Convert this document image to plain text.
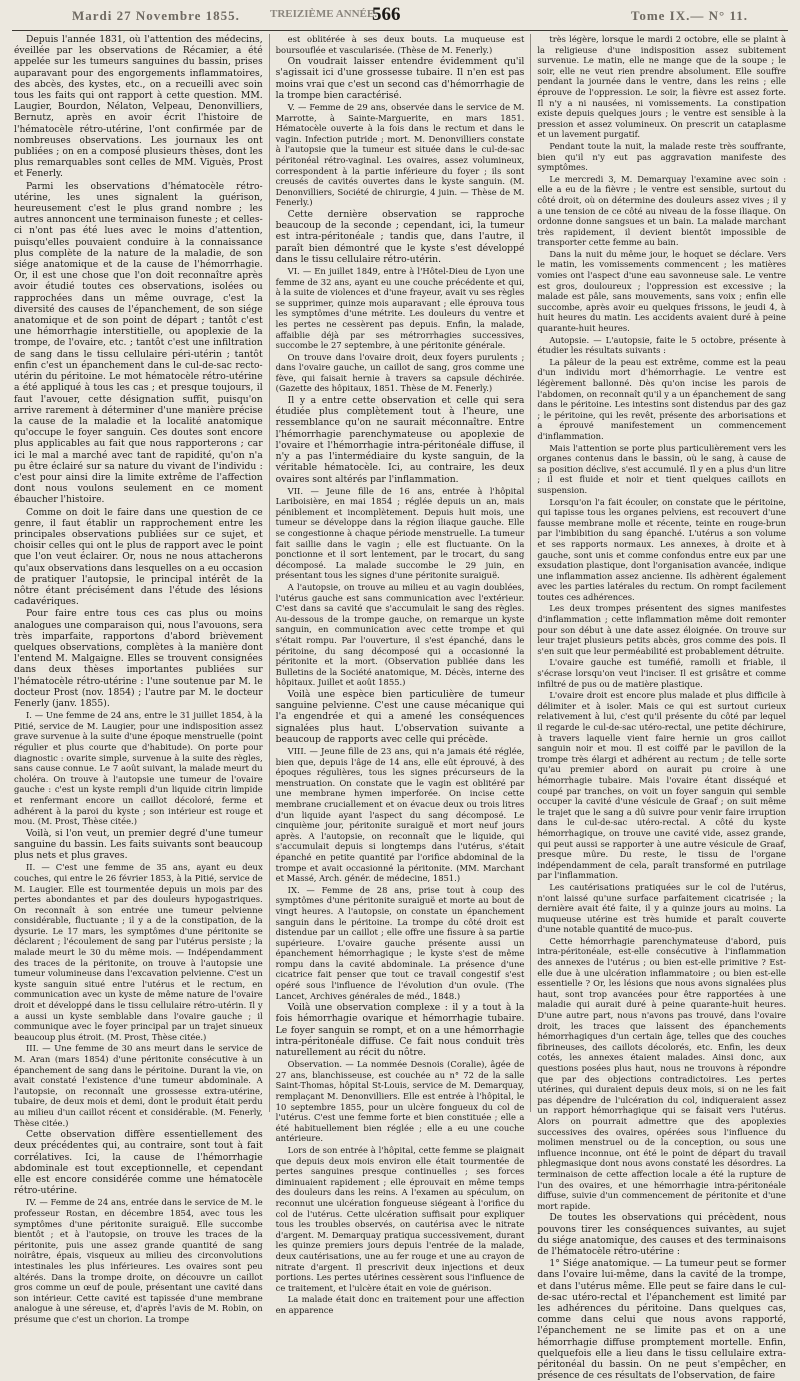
Mardi 27 Novembre 1855.	TREIZIÈME ANNÉE.
566	Tome IX.— N° 11.

Depuis l'année 1831, où l'attention des médecins, éveillée par les observations de Récamier, a été appelée sur les tumeurs sanguines du bassin, prises auparavant pour des engorgements inflammatoires, des abcès, des kystes, etc., on a recueilli avec soin tous les faits qui ont rapport à cette question. MM. Laugier, Bourdon, Nélaton, Velpeau, Denonvilliers, Bernutz, après en avoir écrit l'histoire de l'hématocèle rétro-utérine, l'ont confirmée par de nombreuses observations. Les journaux les ont publiées ; on en a composé plusieurs thèses, dont les plus remarquables sont celles de MM. Viguès, Prost et Fenerly.

Parmi les observations d'hématocèle rétro-utérine, les unes signalent la guérison, heureusement c'est le plus grand nombre ; les autres annoncent une terminaison funeste ; et celles-ci n'ont pas été lues avec le moins d'attention, puisqu'elles pouvaient conduire à la connaissance plus complète de la nature de la maladie, de son siége anatomique et de la cause de l'hémorrhagie. Or, il est une chose que l'on doit reconnaître après avoir étudié toutes ces observations, isolées ou rapprochées dans un même ouvrage, c'est la diversité des causes de l'épanchement, de son siége anatomique et de son point de départ ; tantôt c'est une hémorrhagie interstitielle, ou apoplexie de la trompe, de l'ovaire, etc. ; tantôt c'est une infiltration de sang dans le tissu cellulaire péri-utérin ; tantôt enfin c'est un épanchement dans le cul-de-sac recto-utérin du péritoine. Le mot hématocèle rétro-utérine a été appliqué à tous les cas ; et presque toujours, il faut l'avouer, cette désignation suffit, puisqu'on arrive rarement à déterminer d'une manière précise la cause de la maladie et la localité anatomique qu'occupe le foyer sanguin. Ces doutes sont encore plus applicables au fait que nous rapporterons ; car ici le mal a marché avec tant de rapidité, qu'on n'a pu être éclairé sur sa nature du vivant de l'individu : c'est pour ainsi dire la limite extrême de l'affection dont nous voulons seulement en ce moment ébaucher l'histoire.

Comme on doit le faire dans une question de ce genre, il faut établir un rapprochement entre les principales observations publiées sur ce sujet, et choisir celles qui ont le plus de rapport avec le point que l'on veut éclairer. Or, nous ne nous attacherons qu'aux observations dans lesquelles on a eu occasion de pratiquer l'autopsie, le principal intérêt de la nôtre étant précisément dans l'étude des lésions cadavériques.

Pour faire entre tous ces cas plus ou moins analogues une comparaison qui, nous l'avouons, sera très imparfaite, rapportons d'abord brièvement quelques observations, complètes à la manière dont l'entend M. Malgaigne. Elles se trouvent consignées dans deux thèses importantes publiées sur l'hématocèle rétro-utérine : l'une soutenue par M. le docteur Prost (nov. 1854) ; l'autre par M. le docteur Fenerly (janv. 1855).

I. — Une femme de 24 ans, entre le 31 juillet 1854, à la Pitié, service de M. Laugier, pour une indisposition assez grave survenue à la suite d'une époque menstruelle (point régulier et plus courte que d'habitude). On porte pour diagnostic : ovarite simple, survenue à la suite des règles, sans cause connue. Le 7 août suivant, la malade meurt du choléra. On trouve à l'autopsie une tumeur de l'ovaire gauche : c'est un kyste rempli d'un liquide citrin limpide et renfermant encore un caillot décoloré, ferme et adhérent à la paroi du kyste ; son intérieur est rouge et mou. (M. Prost, Thèse citée.)

Voilà, si l'on veut, un premier degré d'une tumeur sanguine du bassin. Les faits suivants sont beaucoup plus nets et plus graves.

II. — C'est une femme de 35 ans, ayant eu deux couches, qui entre le 26 février 1853, à la Pitié, service de M. Laugier. Elle est tourmentée depuis un mois par des pertes abondantes et par des douleurs hypogastriques. On reconnaît à son entrée une tumeur pelvienne considérable, fluctuante ; il y a de la constipation, de la dysurie. Le 17 mars, les symptômes d'une péritonite se déclarent ; l'écoulement de sang par l'utérus persiste ; la malade meurt le 30 du même mois. — Indépendamment des traces de la péritonite, on trouve à l'autopsie une tumeur volumineuse dans l'excavation pelvienne. C'est un kyste sanguin situé entre l'utérus et le rectum, en communication avec un kyste de même nature de l'ovaire droit et développé dans le tissu cellulaire rétro-utérin. Il y a aussi un kyste semblable dans l'ovaire gauche ; il communique avec le foyer principal par un trajet sinueux beaucoup plus étroit. (M. Prost, Thèse citée.)

III. — Une femme de 30 ans meurt dans le service de M. Aran (mars 1854) d'une péritonite consécutive à un épanchement de sang dans le péritoine. Durant la vie, on avait constaté l'existence d'une tumeur abdominale. A l'autopsie, on reconnaît une grossesse extra-utérine, tubaire, de deux mois et demi, dont le produit était perdu au milieu d'un caillot récent et considérable. (M. Fenerly, Thèse citée.)

Cette observation diffère essentiellement des deux précédentes qui, au contraire, sont tout à fait corrélatives. Ici, la cause de l'hémorrhagie abdominale est tout exceptionnelle, et cependant elle est encore considérée comme une hématocèle rétro-utérine.

IV. — Femme de 24 ans, entrée dans le service de M. le professeur Rostan, en décembre 1854, avec tous les symptômes d'une péritonite suraiguë. Elle succombe bientôt ; et à l'autopsie, on trouve les traces de la péritonite, puis une assez grande quantité de sang noirâtre, épais, visqueux au milieu des circonvolutions intestinales les plus inférieures. Les ovaires sont peu altérés. Dans la trompe droite, on découvre un caillot gros comme un œuf de poule, présentant une cavité dans son intérieur. Cette cavité est tapissée d'une membrane analogue à une séreuse, et, d'après l'avis de M. Robin, on présume que c'est un chorion. La trompe

est oblitérée à ses deux bouts. La muqueuse est boursouflée et vascularisée. (Thèse de M. Fenerly.)

On voudrait laisser entendre évidemment qu'il s'agissait ici d'une grossesse tubaire. Il n'en est pas moins vrai que c'est un second cas d'hémorrhagie de la trompe bien caractérisé.

V. — Femme de 29 ans, observée dans le service de M. Marrotte, à Sainte-Marguerite, en mars 1851. Hématocèle ouverte à la fois dans le rectum et dans le vagin. Infection putride ; mort. M. Denonvilliers constate à l'autopsie que la tumeur est située dans le cul-de-sac péritonéal rétro-vaginal. Les ovaires, assez volumineux, correspondent à la partie inférieure du foyer ; ils sont creusés de cavités ouvertes dans le kyste sanguin. (M. Denonvilliers, Société de chirurgie, 4 juin. — Thèse de M. Fenerly.)

Cette dernière observation se rapproche beaucoup de la seconde ; cependant, ici, la tumeur est intra-péritonéale ; tandis que, dans l'autre, il paraît bien démontré que le kyste s'est développé dans le tissu cellulaire rétro-utérin.

VI. — En juillet 1849, entre à l'Hôtel-Dieu de Lyon une femme de 32 ans, ayant eu une couche précédente et qui, à la suite de violences et d'une frayeur, avait vu ses règles se supprimer, quinze mois auparavant ; elle éprouva tous les symptômes d'une métrite. Les douleurs du ventre et les pertes ne cessèrent pas depuis. Enfin, la malade, affaiblie déjà par ses métrorrhagies successives, succombe le 27 septembre, à une péritonite générale.

On trouve dans l'ovaire droit, deux foyers purulents ; dans l'ovaire gauche, un caillot de sang, gros comme une fève, qui faisait hernie à travers sa capsule déchirée. (Gazette des hôpitaux, 1851. Thèse de M. Fenerly.)

Il y a entre cette observation et celle qui sera étudiée plus complètement tout à l'heure, une ressemblance qu'on ne saurait méconnaître. Entre l'hémorrhagie parenchymateuse ou apoplexie de l'ovaire et l'hémorrhagie intra-péritonéale diffuse, il n'y a pas l'intermédiaire du kyste sanguin, de la véritable hématocèle. Ici, au contraire, les deux ovaires sont altérés par l'inflammation.

VII. — Jeune fille de 16 ans, entrée à l'hôpital Lariboisière, en mai 1854 ; réglée depuis un an, mais péniblement et incomplètement. Depuis huit mois, une tumeur se développe dans la région iliaque gauche. Elle se congestionne à chaque période menstruelle. La tumeur fait saillie dans le vagin ; elle est fluctuante. On la ponctionne et il sort lentement, par le trocart, du sang décomposé. La malade succombe le 29 juin, en présentant tous les signes d'une péritonite suraiguë.

A l'autopsie, on trouve au milieu et au vagin doublées, l'utérus gauche est sans communication avec l'extérieur. C'est dans sa cavité que s'accumulait le sang des règles. Au-dessous de la trompe gauche, on remarque un kyste sanguin, en communication avec cette trompe et qui s'était rompu. Par l'ouverture, il s'est épanché, dans le péritoine, du sang décomposé qui a occasionné la péritonite et la mort. (Observation publiée dans les Bulletins de la Société anatomique, M. Décès, interne des hôpitaux. Juillet et août 1855.)

Voilà une espèce bien particulière de tumeur sanguine pelvienne. C'est une cause mécanique qui l'a engendrée et qui a amené les conséquences signalées plus haut. L'observation suivante a beaucoup de rapports avec celle qui précède.

VIII. — Jeune fille de 23 ans, qui n'a jamais été réglée, bien que, depuis l'âge de 14 ans, elle eût éprouvé, à des époques régulières, tous les signes précurseurs de la menstruation. On constate que le vagin est oblitéré par une membrane hymen imperforée. On incise cette membrane cruciallement et on évacue deux ou trois litres d'un liquide ayant l'aspect du sang décomposé. Le cinquième jour, péritonite suraiguë et mort neuf jours après. A l'autopsie, on reconnaît que le liquide, qui s'accumulait depuis si longtemps dans l'utérus, s'était épanché en petite quantité par l'orifice abdominal de la trompe et avait occasionné la péritonite. (MM. Marchant et Massé, Arch. génér. de médecine, 1851.)

IX. — Femme de 28 ans, prise tout à coup des symptômes d'une péritonite suraiguë et morte au bout de vingt heures. A l'autopsie, on constate un épanchement sanguin dans le péritoine. La trompe du côté droit est distendue par un caillot ; elle offre une fissure à sa partie supérieure. L'ovaire gauche présente aussi un épanchement hémorrhagique ; le kyste s'est de même rompu dans la cavité abdominale. La présence d'une cicatrice fait penser que tout ce travail congestif s'est opéré sous l'influence de l'évolution d'un ovule. (The Lancet, Archives générales de méd., 1848.)

Voilà une observation complexe : il y a tout à la fois hémorrhagie ovarique et hémorrhagie tubaire. Le foyer sanguin se rompt, et on a une hémorrhagie intra-péritonéale diffuse. Ce fait nous conduit très naturellement au récit du nôtre.

Observation. — La nommée Desnois (Coralie), âgée de 27 ans, blanchisseuse, est couchée au n° 72 de la salle Saint-Thomas, hôpital St-Louis, service de M. Demarquay, remplaçant M. Denonvilliers. Elle est entrée à l'hôpital, le 10 septembre 1855, pour un ulcère fongueux du col de l'utérus. C'est une femme forte et bien constituée ; elle a été habituellement bien réglée ; elle a eu une couche antérieure.

Lors de son entrée à l'hôpital, cette femme se plaignait que depuis deux mois environ elle était tourmentée de pertes sanguines presque continuelles ; ses forces diminuaient rapidement ; elle éprouvait en même temps des douleurs dans les reins. A l'examen au spéculum, on reconnut une ulcération fongueuse siégeant à l'orifice du col de l'utérus. Cette ulcération suffisait pour expliquer tous les troubles observés, on cautérisa avec le nitrate d'argent. M. Demarquay pratiqua successivement, durant les quinze premiers jours depuis l'entrée de la malade, deux cautérisations, une au fer rouge et une au crayon de nitrate d'argent. Il prescrivit deux injections et deux portions. Les pertes utérines cessèrent sous l'influence de ce traitement, et l'ulcère était en voie de guérison.

La malade était donc en traitement pour une affection en apparence

très légère, lorsque le mardi 2 octobre, elle se plaint à la religieuse d'une indisposition assez subitement survenue. Le matin, elle ne mange que de la soupe ; le soir, elle ne veut rien prendre absolument. Elle souffre pendant la journée dans le ventre, dans les reins ; elle éprouve de l'oppression. Le soir, la fièvre est assez forte. Il n'y a ni nausées, ni vomissements. La constipation existe depuis quelques jours ; le ventre est sensible à la pression et assez volumineux. On prescrit un cataplasme et un lavement purgatif.

Pendant toute la nuit, la malade reste très souffrante, bien qu'il n'y eut pas aggravation manifeste des symptômes.

Le mercredi 3, M. Demarquay l'examine avec soin : elle a eu de la fièvre ; le ventre est sensible, surtout du côté droit, où on détermine des douleurs assez vives ; il y a une tension de ce côté au niveau de la fosse iliaque. On ordonne donne sangsues et un bain. La malade marchant très rapidement, il devient bientôt impossible de transporter cette femme au bain.

Dans la nuit du même jour, le hoquet se déclare. Vers le matin, les vomissements commencent ; les matières vomies ont l'aspect d'une eau savonneuse sale. Le ventre est gros, douloureux ; l'oppression est excessive ; la malade est pâle, sans mouvements, sans voix ; enfin elle succombe, après avoir eu quelques frissons, le jeudi 4, à huit heures du matin. Les accidents avaient duré à peine quarante-huit heures.

Autopsie. — L'autopsie, faite le 5 octobre, présente à étudier les résultats suivants :

La pâleur de la peau est extrême, comme est la peau d'un individu mort d'hémorrhagie. Le ventre est légèrement ballonné. Dès qu'on incise les parois de l'abdomen, on reconnaît qu'il y a un épanchement de sang dans le péritoine. Les intestins sont distendus par des gaz ; le péritoine, qui les revêt, présente des arborisations et a éprouvé manifestement un commencement d'inflammation.

Mais l'attention se porte plus particulièrement vers les organes contenus dans le bassin, où le sang, à cause de sa position déclive, s'est accumulé. Il y en a plus d'un litre ; il est fluide et noir et tient quelques caillots en suspension.

Lorsqu'on l'a fait écouler, on constate que le péritoine, qui tapisse tous les organes pelviens, est recouvert d'une fausse membrane molle et récente, teinte en rouge-brun par l'imbibition du sang épanché. L'utérus a son volume et ses rapports normaux. Les annexes, à droite et à gauche, sont unis et comme confondus entre eux par une exsudation plastique, dont l'organisation avancée, indique une inflammation assez ancienne. Ils adhèrent également avec les parties latérales du rectum. On rompt facilement toutes ces adhérences.

Les deux trompes présentent des signes manifestes d'inflammation ; cette inflammation même doit remonter pour son début à une date assez éloignée. On trouve sur leur trajet plusieurs petits abcès, gros comme des pois. Il s'en suit que leur perméabilité est probablement détruite.

L'ovaire gauche est tuméfié, ramolli et friable, il s'écrase lorsqu'on veut l'inciser. Il est grisâtre et comme infiltré de pus ou de matière plastique.

L'ovaire droit est encore plus malade et plus difficile à délimiter et à isoler. Mais ce qui est surtout curieux relativement à lui, c'est qu'il présente du côté par lequel il regarde le cul-de-sac utéro-rectal, une petite déchirure, à travers laquelle vient faire hernie un gros caillot sanguin noir et mou. Il est coiffé par le pavillon de la trompe très élargi et adhérent au rectum ; de telle sorte qu'au premier abord on aurait pu croire à une hémorrhagie tubaire. Mais l'ovaire étant disséqué et coupé par tranches, on voit un foyer sanguin qui semble occuper la cavité d'une vésicule de Graaf ; on suit même le trajet que le sang a dû suivre pour venir faire irruption dans le cul-de-sac utéro-rectal. A côté du kyste hémorrhagique, on trouve une cavité vide, assez grande, qui peut aussi se rapporter à une autre vésicule de Graaf, presque mûre. Du reste, le tissu de l'organe indépendamment de cela, paraît transformé en putrilage par l'inflammation.

Les cautérisations pratiquées sur le col de l'utérus, n'ont laissé qu'une surface parfaitement cicatrisée ; la dernière avait été faite, il y a quinze jours au moins. La muqueuse utérine est très humide et paraît couverte d'une notable quantité de muco-pus.

Cette hémorrhagie parenchymateuse d'abord, puis intra-péritonéale, est-elle consécutive à l'inflammation des annexes de l'utérus ; ou bien est-elle primitive ? Est-elle due à une ulcération inflammatoire ; ou bien est-elle essentielle ? Or, les lésions que nous avons signalées plus haut, sont trop avancées pour être rapportées à une maladie qui aurait duré à peine quarante-huit heures. D'une autre part, nous n'avons pas trouvé, dans l'ovaire droit, les traces que laissent des épanchements hémorrhagiques d'un certain âge, telles que des couches fibrineuses, des caillots décolorés, etc. Enfin, les deux cotés, les annexes étaient malades. Ainsi donc, aux questions posées plus haut, nous ne trouvons à répondre que par des objections contradictoires. Les pertes utérines, qui duraient depuis deux mois, si on ne les fait pas dépendre de l'ulcération du col, indiqueraient assez un rapport hémorrhagique qui se faisait vers l'utérus. Alors on pourrait admettre que des apoplexies successives des ovaires, opérées sous l'influence du molimen menstruel ou de la conception, ou sous une influence inconnue, ont été le point de départ du travail phlegmasique dont nous avons constaté les désordres. La terminaison de cette affection locale a été la rupture de l'un des ovaires, et une hémorrhagie intra-péritonéale diffuse, suivie d'un commencement de péritonite et d'une mort rapide.

De toutes les observations qui précèdent, nous pouvons tirer les conséquences suivantes, au sujet du siége anatomique, des causes et des terminaisons de l'hématocèle rétro-utérine :

1° Siége anatomique. — La tumeur peut se former dans l'ovaire lui-même, dans la cavité de la trompe, et dans l'utérus même. Elle peut se faire dans le cul-de-sac utéro-rectal et l'épanchement est limité par les adhérences du péritoine. Dans quelques cas, comme dans celui que nous avons rapporté, l'épanchement ne se limite pas et on a une hémorrhagie diffuse promptement mortelle. Enfin, quelquefois elle a lieu dans le tissu cellulaire extra-péritonéal du bassin. On ne peut s'empêcher, en présence de ces résultats de l'observation, de faire
